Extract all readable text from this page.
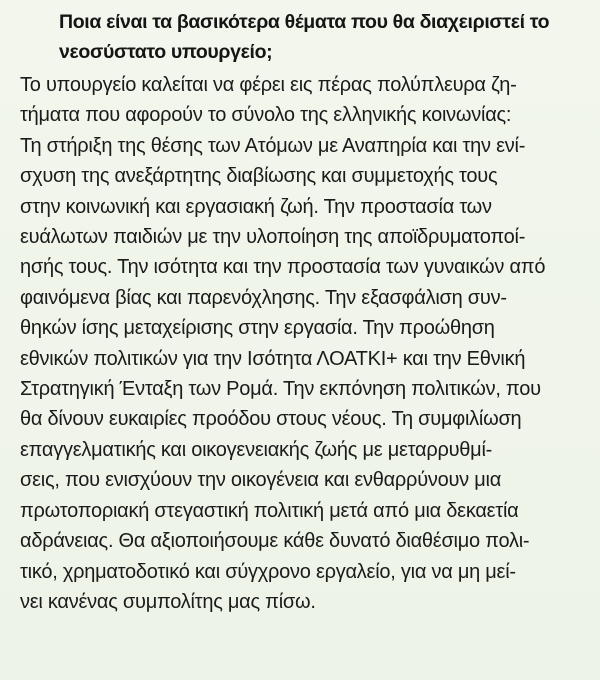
Ποια είναι τα βασικότερα θέματα που θα διαχειριστεί το
νεοσύστατο υπουργείο;

Το υπουργείο καλείται να φέρει εις πέρας πολύπλευρα ζη-
τήματα που αφορούν το σύνολο της ελληνικής κοινωνίας:
Τη στήριξη της θέσης των Ατόμων με Αναπηρία και την ενί-
σχυση της ανεξάρτητης διαβίωσης και συμμετοχής τους
στην κοινωνική και εργασιακή ζωή. Την προστασία των
ευάλωτων παιδιών με την υλοποίηση της αποϊδρυματοποί-
ησής τους. Την ισότητα και την προστασία των γυναικών από
φαινόμενα βίας και παρενόχλησης. Την εξασφάλιση συν-
θηκών ίσης μεταχείρισης στην εργασία. Την προώθηση
εθνικών πολιτικών για την Ισότητα ΛΟΑΤΚΙ+ και την Εθνική
Στρατηγική Ένταξη των Ρομά. Την εκπόνηση πολιτικών, που
θα δίνουν ευκαιρίες προόδου στους νέους. Τη συμφιλίωση
επαγγελματικής και οικογενειακής ζωής με μεταρρυθμί-
σεις, που ενισχύουν την οικογένεια και ενθαρρύνουν μια
πρωτοποριακή στεγαστική πολιτική μετά από μια δεκαετία
αδράνειας. Θα αξιοποιήσουμε κάθε δυνατό διαθέσιμο πολι-
τικό, χρηματοδοτικό και σύγχρονο εργαλείο, για να μη μεί-
νει κανένας συμπολίτης μας πίσω.
